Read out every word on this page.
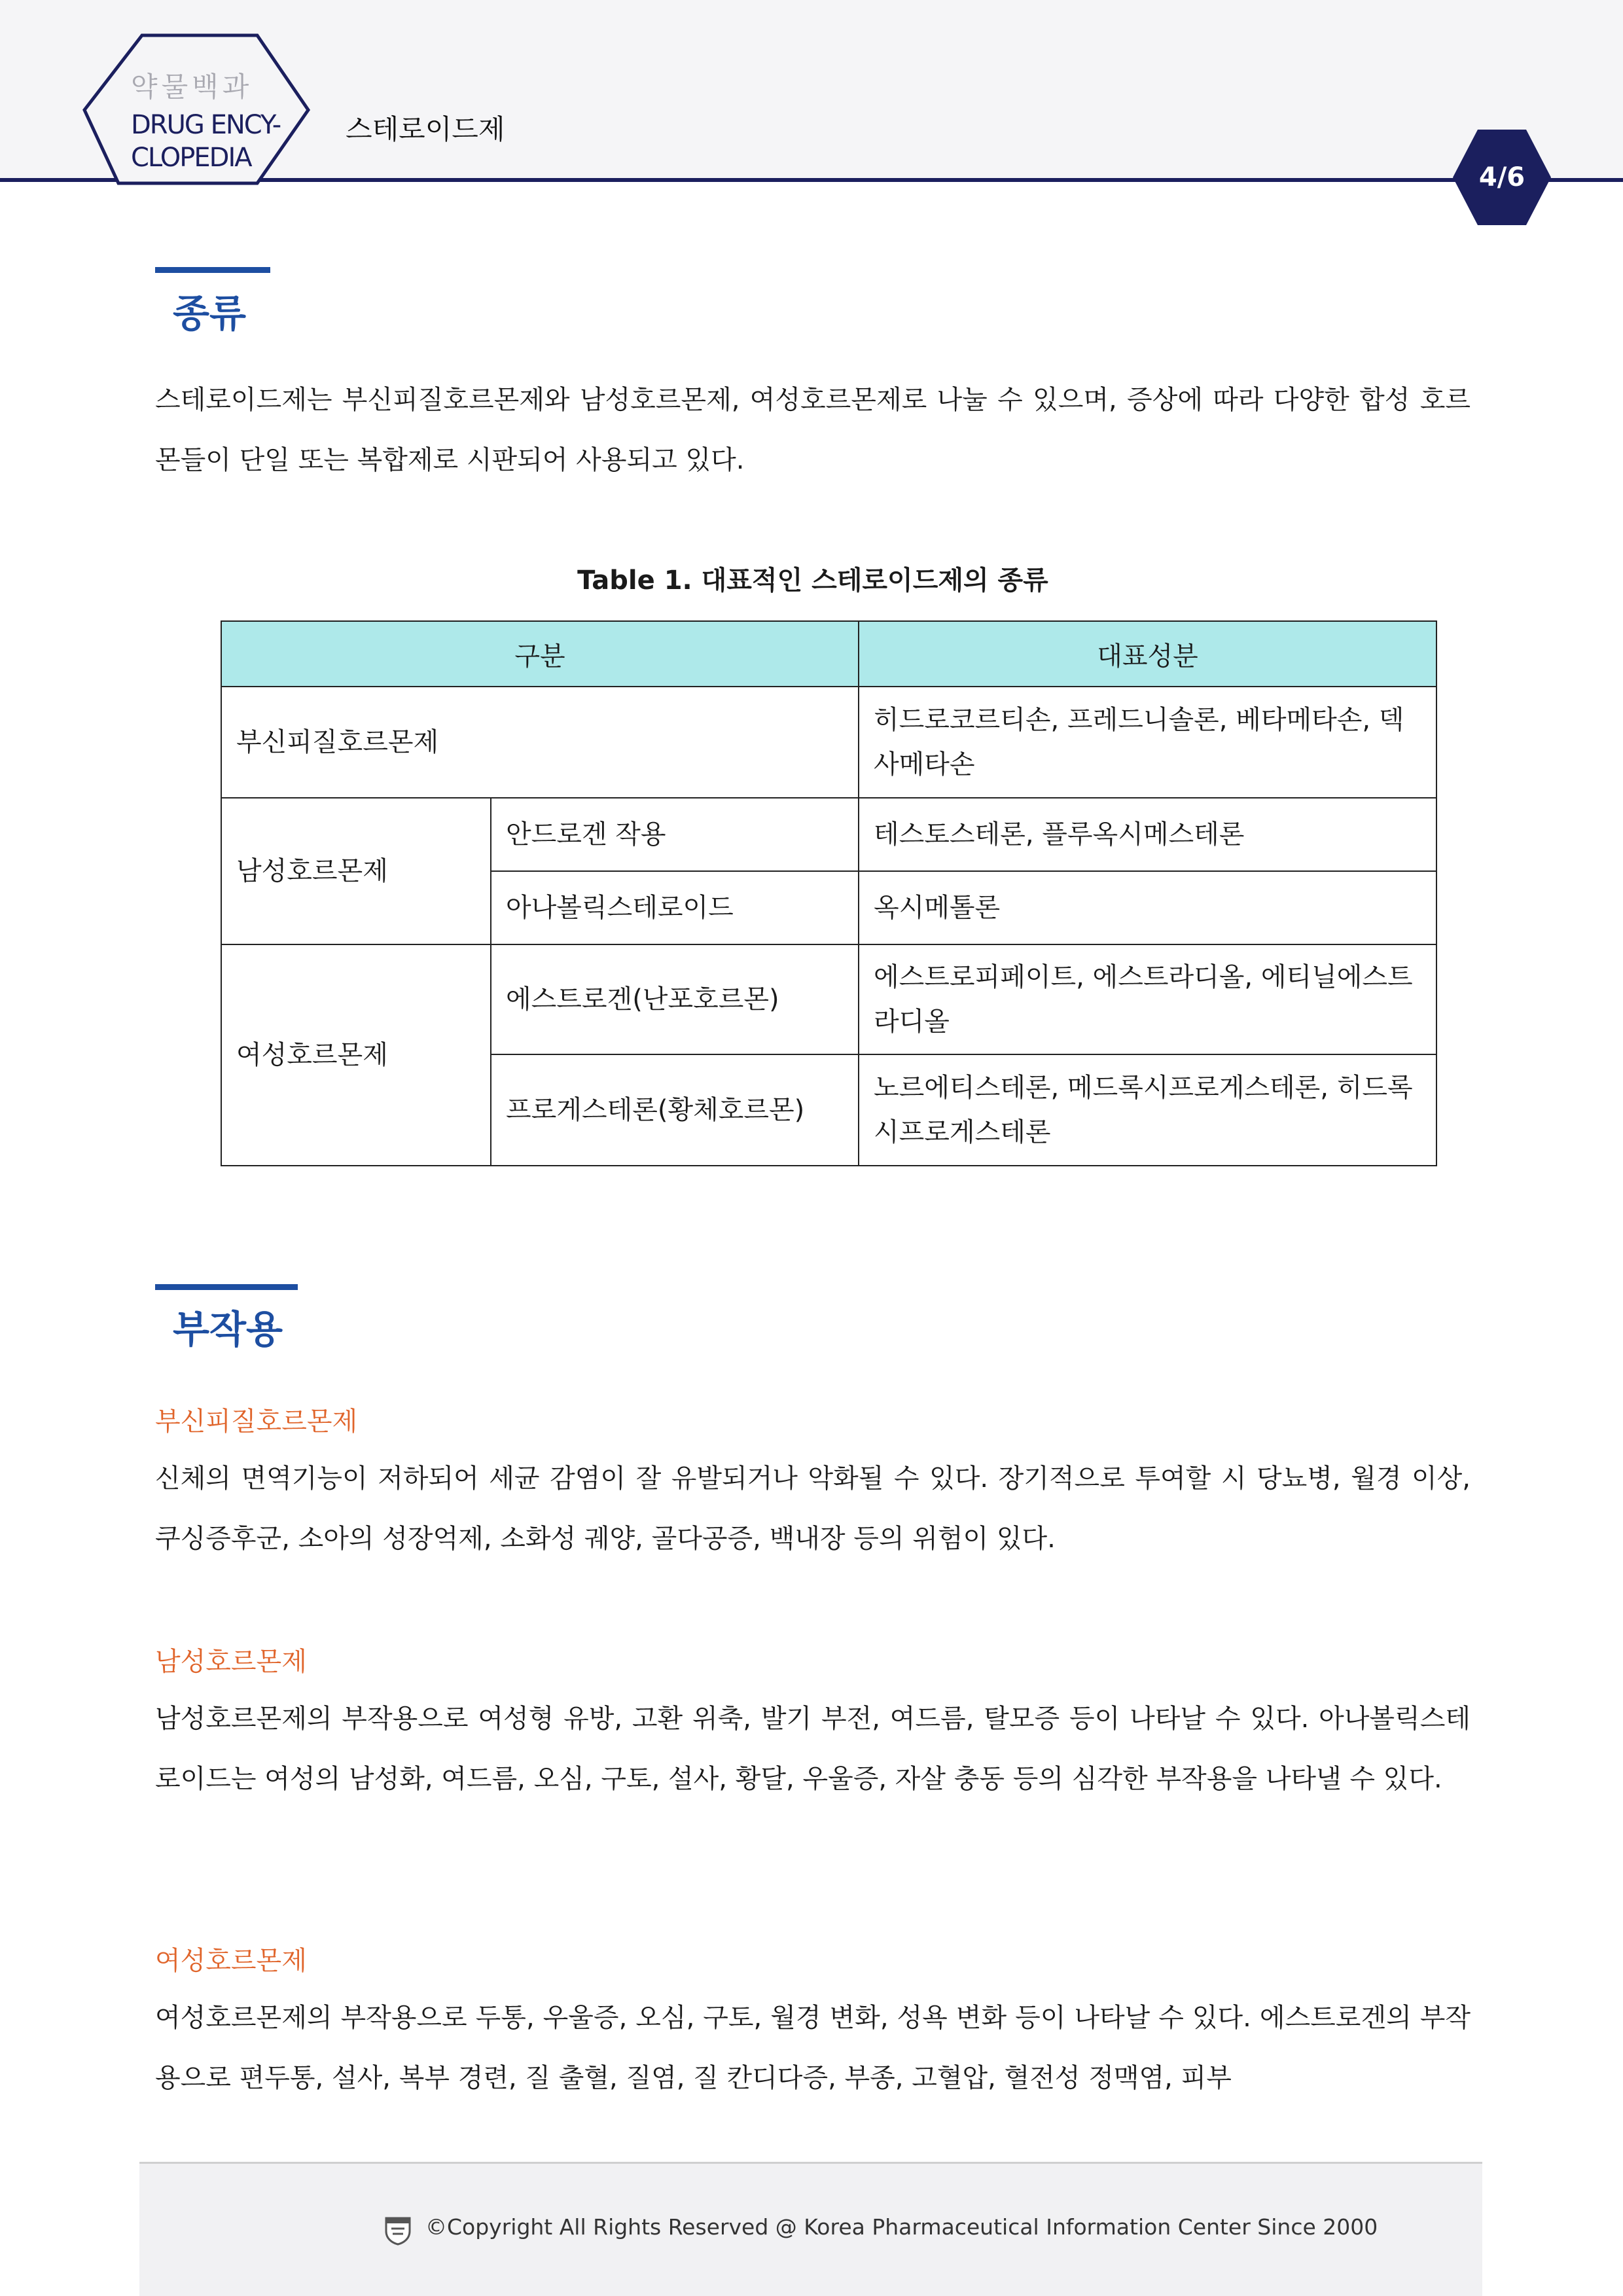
약물백과
DRUG ENCY-
CLOPEDIA
스테로이드제
4/6
종류
스테로이드제는 부신피질호르몬제와 남성호르몬제, 여성호르몬제로 나눌 수 있으며, 증상에 따라 다양한 합성 호르몬들이 단일 또는 복합제로 시판되어 사용되고 있다.
Table 1. 대표적인 스테로이드제의 종류
구분		대표성분
부신피질호르몬제		히드로코르티손, 프레드니솔론, 베타메타손, 덱사메타손
남성호르몬제	안드로겐 작용	테스토스테론, 플루옥시메스테론
	아나볼릭스테로이드	옥시메톨론
여성호르몬제	에스트로겐(난포호르몬)	에스트로피페이트, 에스트라디올, 에티닐에스트라디올
	프로게스테론(황체호르몬)	노르에티스테론, 메드록시프로게스테론, 히드록시프로게스테론
부작용
부신피질호르몬제
신체의 면역기능이 저하되어 세균 감염이 잘 유발되거나 악화될 수 있다. 장기적으로 투여할 시 당뇨병, 월경 이상, 쿠싱증후군, 소아의 성장억제, 소화성 궤양, 골다공증, 백내장 등의 위험이 있다.
남성호르몬제
남성호르몬제의 부작용으로 여성형 유방, 고환 위축, 발기 부전, 여드름, 탈모증 등이 나타날 수 있다. 아나볼릭스테로이드는 여성의 남성화, 여드름, 오심, 구토, 설사, 황달, 우울증, 자살 충동 등의 심각한 부작용을 나타낼 수 있다.
여성호르몬제
여성호르몬제의 부작용으로 두통, 우울증, 오심, 구토, 월경 변화, 성욕 변화 등이 나타날 수 있다. 에스트로겐의 부작용으로 편두통, 설사, 복부 경련, 질 출혈, 질염, 질 칸디다증, 부종, 고혈압, 혈전성 정맥염, 피부
©Copyright All Rights Reserved @ Korea Pharmaceutical Information Center Since 2000
